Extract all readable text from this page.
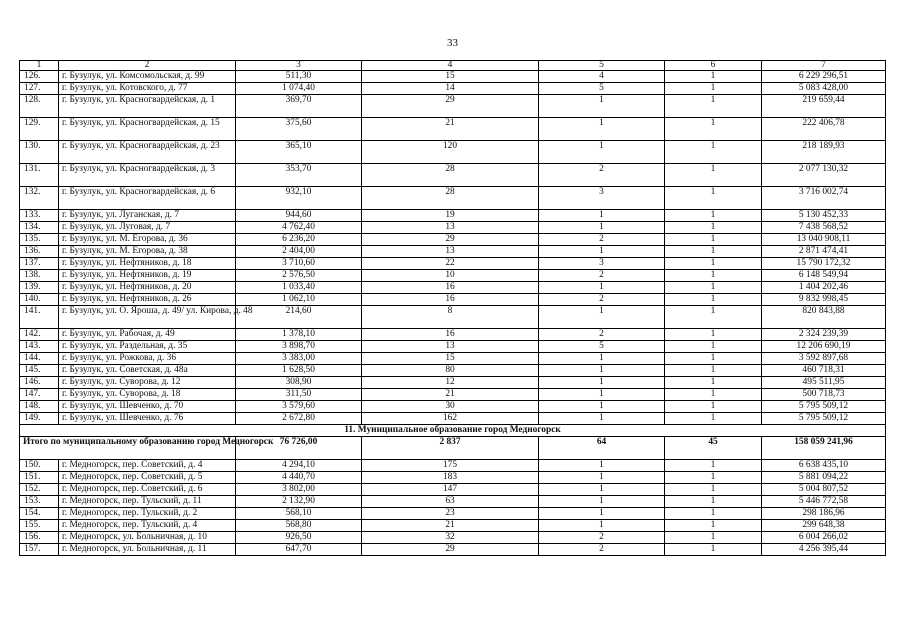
33
1	2	3	4	5	6	7
126.	г. Бузулук, ул. Комсомольская, д. 99	511,30	15	4	1	6 229 296,51
127.	г. Бузулук, ул. Котовского, д. 77	1 074,40	14	5	1	5 083 428,00
128.	г. Бузулук, ул. Красногвардейская, д. 1	369,70	29	1	1	219 659,44
129.	г. Бузулук, ул. Красногвардейская, д. 15	375,60	21	1	1	222 406,78
130.	г. Бузулук, ул. Красногвардейская, д. 23	365,10	120	1	1	218 189,93
131.	г. Бузулук, ул. Красногвардейская, д. 3	353,70	28	2	1	2 077 130,32
132.	г. Бузулук, ул. Красногвардейская, д. 6	932,10	28	3	1	3 716 002,74
133.	г. Бузулук, ул. Луганская, д. 7	944,60	19	1	1	5 130 452,33
134.	г. Бузулук, ул. Луговая, д. 7	4 762,40	13	1	1	7 438 568,52
135.	г. Бузулук, ул. М. Егорова, д. 36	6 236,20	29	2	1	13 040 908,11
136.	г. Бузулук, ул. М. Егорова, д. 38	2 404,00	13	1	1	2 871 474,41
137.	г. Бузулук, ул. Нефтяников, д. 18	3 710,60	22	3	1	15 790 172,32
138.	г. Бузулук, ул. Нефтяников, д. 19	2 576,50	10	2	1	6 148 549,94
139.	г. Бузулук, ул. Нефтяников, д. 20	1 033,40	16	1	1	1 404 202,46
140.	г. Бузулук, ул. Нефтяников, д. 26	1 062,10	16	2	1	9 832 998,45
141.	г. Бузулук, ул. О. Яроша, д. 49/ ул. Кирова, д. 48	214,60	8	1	1	820 843,88
142.	г. Бузулук, ул. Рабочая, д. 49	1 378,10	16	2	1	2 324 239,39
143.	г. Бузулук, ул. Раздельная, д. 35	3 898,70	13	5	1	12 206 690,19
144.	г. Бузулук, ул. Рожкова, д. 36	3 383,00	15	1	1	3 592 897,68
145.	г. Бузулук, ул. Советская, д. 48а	1 628,50	80	1	1	460 718,31
146.	г. Бузулук, ул. Суворова, д. 12	308,90	12	1	1	495 511,95
147.	г. Бузулук, ул. Суворова, д. 18	311,50	21	1	1	500 718,73
148.	г. Бузулук, ул. Шевченко, д. 70	3 579,60	30	1	1	5 795 509,12
149.	г. Бузулук, ул. Шевченко, д. 76	2 672,80	162	1	1	5 795 509,12
11. Муниципальное образование город Медногорск						
Итого по муниципальному образованию город Медногорск		76 726,00	2 837	64	45	158 059 241,96
150.	г. Медногорск, пер. Советский, д. 4	4 294,10	175	1	1	6 638 435,10
151.	г. Медногорск, пер. Советский, д. 5	4 440,70	183	1	1	5 881 094,22
152.	г. Медногорск, пер. Советский, д. 6	3 802,00	147	1	1	5 004 807,52
153.	г. Медногорск, пер. Тульский, д. 11	2 132,90	63	1	1	5 446 772,58
154.	г. Медногорск, пер. Тульский, д. 2	568,10	23	1	1	298 186,96
155.	г. Медногорск, пер. Тульский, д. 4	568,80	21	1	1	299 648,38
156.	г. Медногорск, ул. Больничная, д. 10	926,50	32	2	1	6 004 266,02
157.	г. Медногорск, ул. Больничная, д. 11	647,70	29	2	1	4 256 395,44
